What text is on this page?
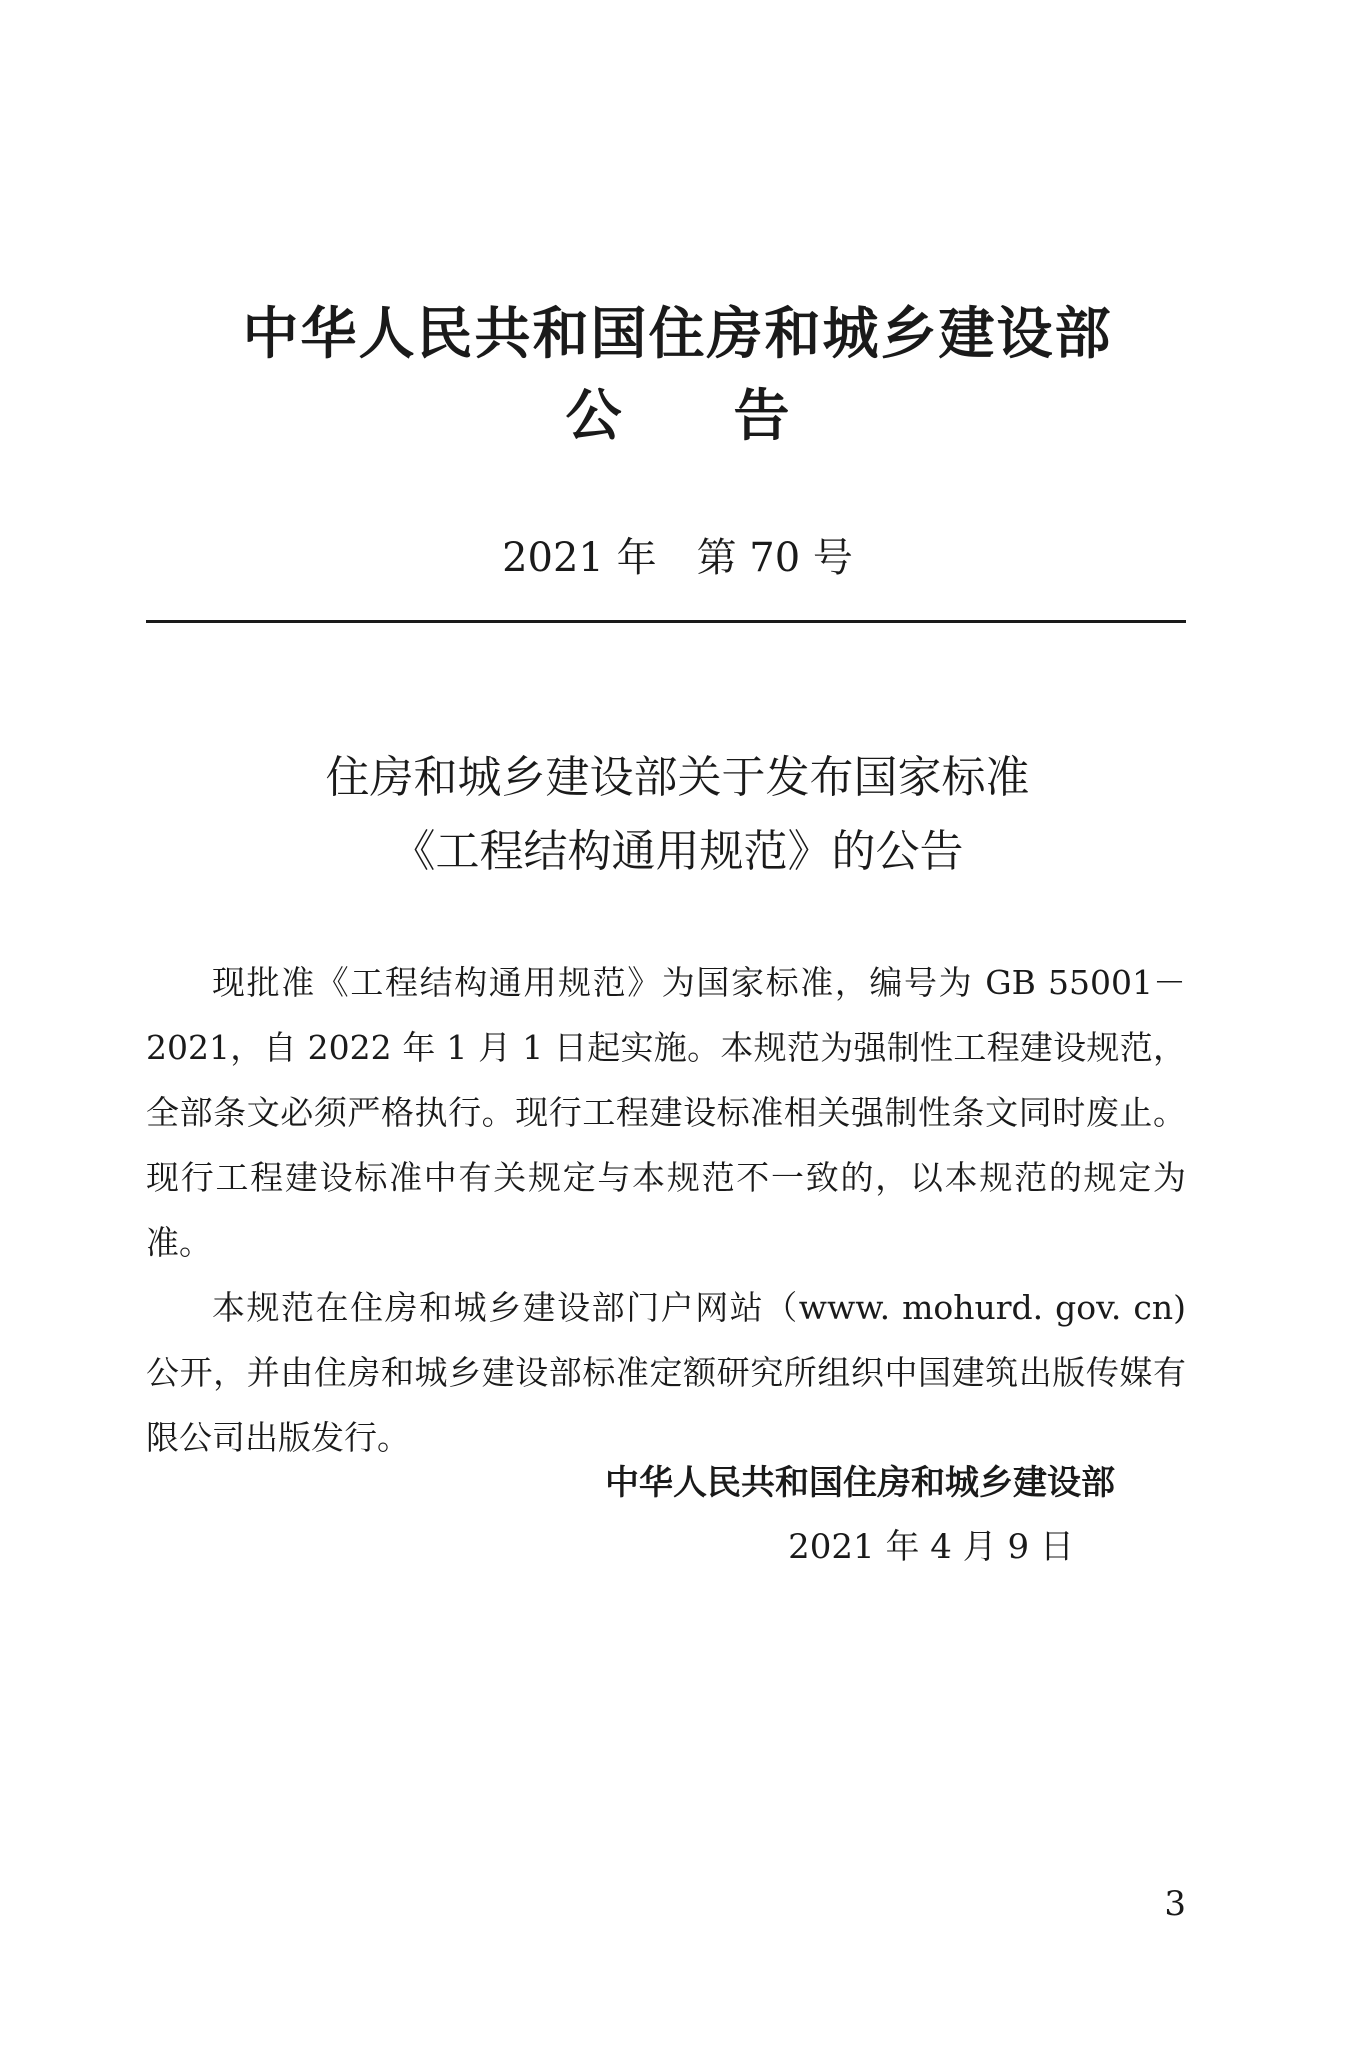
中华人民共和国住房和城乡建设部
公　　告
2021 年　第 70 号
住房和城乡建设部关于发布国家标准
《工程结构通用规范》的公告

现批准《工程结构通用规范》为国家标准，编号为 GB 55001－2021，自 2022 年 1 月 1 日起实施。本规范为强制性工程建设规范，全部条文必须严格执行。现行工程建设标准相关强制性条文同时废止。现行工程建设标准中有关规定与本规范不一致的，以本规范的规定为准。

本规范在住房和城乡建设部门户网站（www. mohurd. gov. cn)公开，并由住房和城乡建设部标准定额研究所组织中国建筑出版传媒有限公司出版发行。

中华人民共和国住房和城乡建设部
2021 年 4 月 9 日
3
